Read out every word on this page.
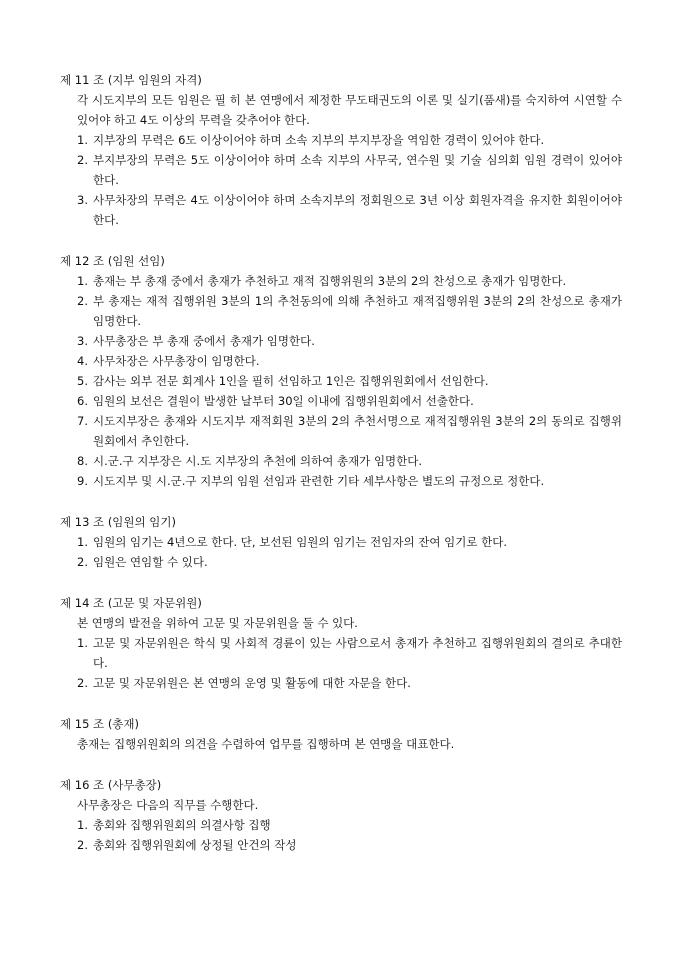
제 11 조 (지부 임원의 자격)
각 시도지부의 모든 임원은 필 히 본 연맹에서 제정한 무도태권도의 이론 및 실기(품새)를 숙지하여 시연할 수 있어야 하고 4도 이상의 무력을 갖추어야 한다.
1. 지부장의 무력은 6도 이상이어야 하며 소속 지부의 부지부장을 역임한 경력이 있어야 한다.
2. 부지부장의 무력은 5도 이상이어야 하며 소속 지부의 사무국, 연수원 및 기술 심의회 임원 경력이 있어야 한다.
3. 사무차장의 무력은 4도 이상이어야 하며 소속지부의 정회원으로 3년 이상 회원자격을 유지한 회원이어야 한다.
제 12 조 (임원 선임)
1. 총재는 부 총재 중에서 총재가 추천하고 재적 집행위원의 3분의 2의 찬성으로 총재가 임명한다.
2. 부 총재는 재적 집행위원 3분의 1의 추천동의에 의해 추천하고 재적집행위원 3분의 2의 찬성으로 총재가 임명한다.
3. 사무총장은 부 총재 중에서 총재가 임명한다.
4. 사무차장은 사무총장이 임명한다.
5. 감사는 외부 전문 회계사 1인을 필히 선임하고 1인은 집행위원회에서 선임한다.
6. 임원의 보선은 결원이 발생한 날부터 30일 이내에 집행위원회에서 선출한다.
7. 시도지부장은 총재와 시도지부 재적회원 3분의 2의 추천서명으로 재적집행위원 3분의 2의 동의로 집행위원회에서 추인한다.
8. 시.군.구 지부장은 시.도 지부장의 추천에 의하여 총재가 임명한다.
9. 시도지부 및 시.군.구 지부의 임원 선임과 관련한 기타 세부사항은 별도의 규정으로 정한다.
제 13 조 (임원의 임기)
1. 임원의 임기는 4년으로 한다. 단, 보선된 임원의 임기는 전임자의 잔여 임기로 한다.
2. 임원은 연임할 수 있다.
제 14 조 (고문 및 자문위원)
본 연맹의 발전을 위하여 고문 및 자문위원을 둘 수 있다.
1. 고문 및 자문위원은 학식 및 사회적 경륜이 있는 사람으로서 총재가 추천하고 집행위원회의 결의로 추대한다.
2. 고문 및 자문위원은 본 연맹의 운영 및 활동에 대한 자문을 한다.
제 15 조 (총재)
총재는 집행위원회의 의견을 수렴하여 업무를 집행하며 본 연맹을 대표한다.
제 16 조 (사무총장)
사무총장은 다음의 직무를 수행한다.
1. 총회와 집행위원회의 의결사항 집행
2. 총회와 집행위원회에 상정될 안건의 작성
